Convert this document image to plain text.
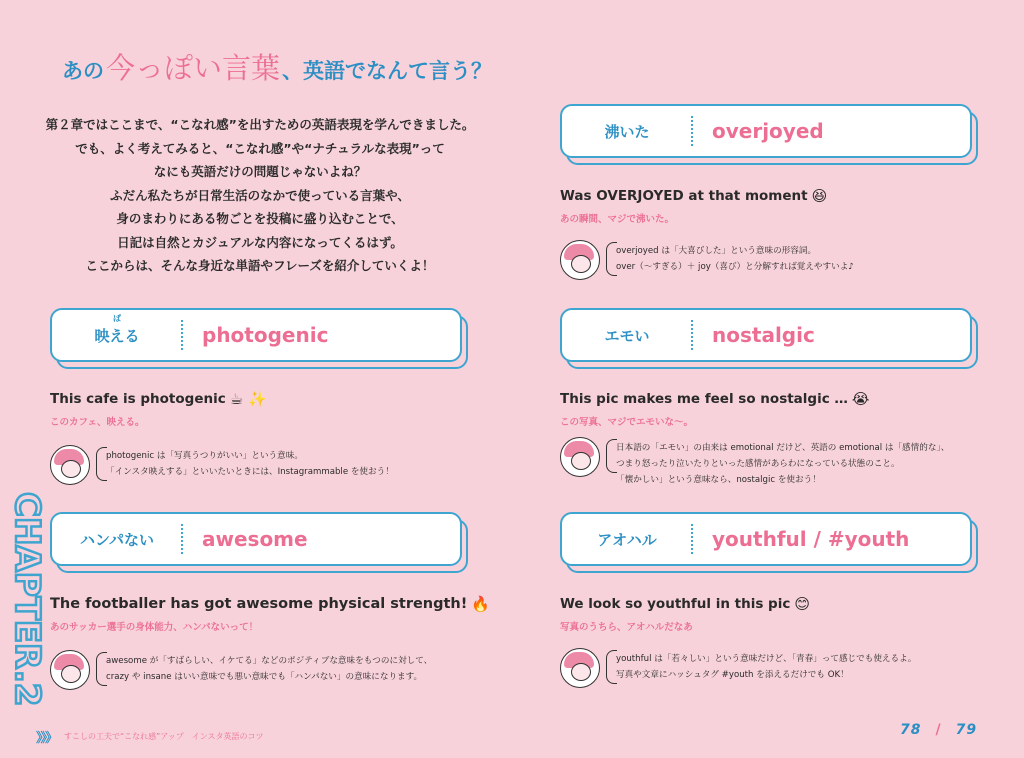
あの今っぽい言葉、英語でなんて言う？

第２章ではここまで、“こなれ感”を出すための英語表現を学んできました。

でも、よく考えてみると、“こなれ感”や“ナチュラルな表現”って

なにも英語だけの問題じゃないよね？

ふだん私たちが日常生活のなかで使っている言葉や、

身のまわりにある物ごとを投稿に盛り込むことで、

日記は自然とカジュアルな内容になってくるはず。

ここからは、そんな身近な単語やフレーズを紹介していくよ！

ば
映える	photogenic
This cafe is photogenic ☕ ✨
このカフェ、映える。
photogenic は「写真うつりがいい」という意味。
「インスタ映えする」といいたいときには、Instagrammable を使おう！
ハンパない	awesome
The footballer has got awesome physical strength! 🔥
あのサッカー選手の身体能力、ハンパないって！
awesome が「すばらしい、イケてる」などのポジティブな意味をもつのに対して、
crazy や insane はいい意味でも悪い意味でも「ハンパない」の意味になります。
沸いた	overjoyed
Was OVERJOYED at that moment 😆
あの瞬間、マジで沸いた。
overjoyed は「大喜びした」という意味の形容詞。
over（～すぎる）＋ joy（喜び）と分解すれば覚えやすいよ♪
エモい	nostalgic
This pic makes me feel so nostalgic … 😭
この写真、マジでエモいな～。
日本語の「エモい」の由来は emotional だけど、英語の emotional は「感情的な」、
つまり怒ったり泣いたりといった感情があらわになっている状態のこと。
「懐かしい」という意味なら、nostalgic を使おう！
アオハル	youthful / #youth
We look so youthful in this pic 😊
写真のうちら、アオハルだなあ
youthful は「若々しい」という意味だけど、「青春」って感じでも使えるよ。
写真や文章にハッシュタグ #youth を添えるだけでも OK！
CHAPTER.2
》》》 すこしの工夫で“こなれ感”アップ　インスタ英語のコツ	78 / 79
